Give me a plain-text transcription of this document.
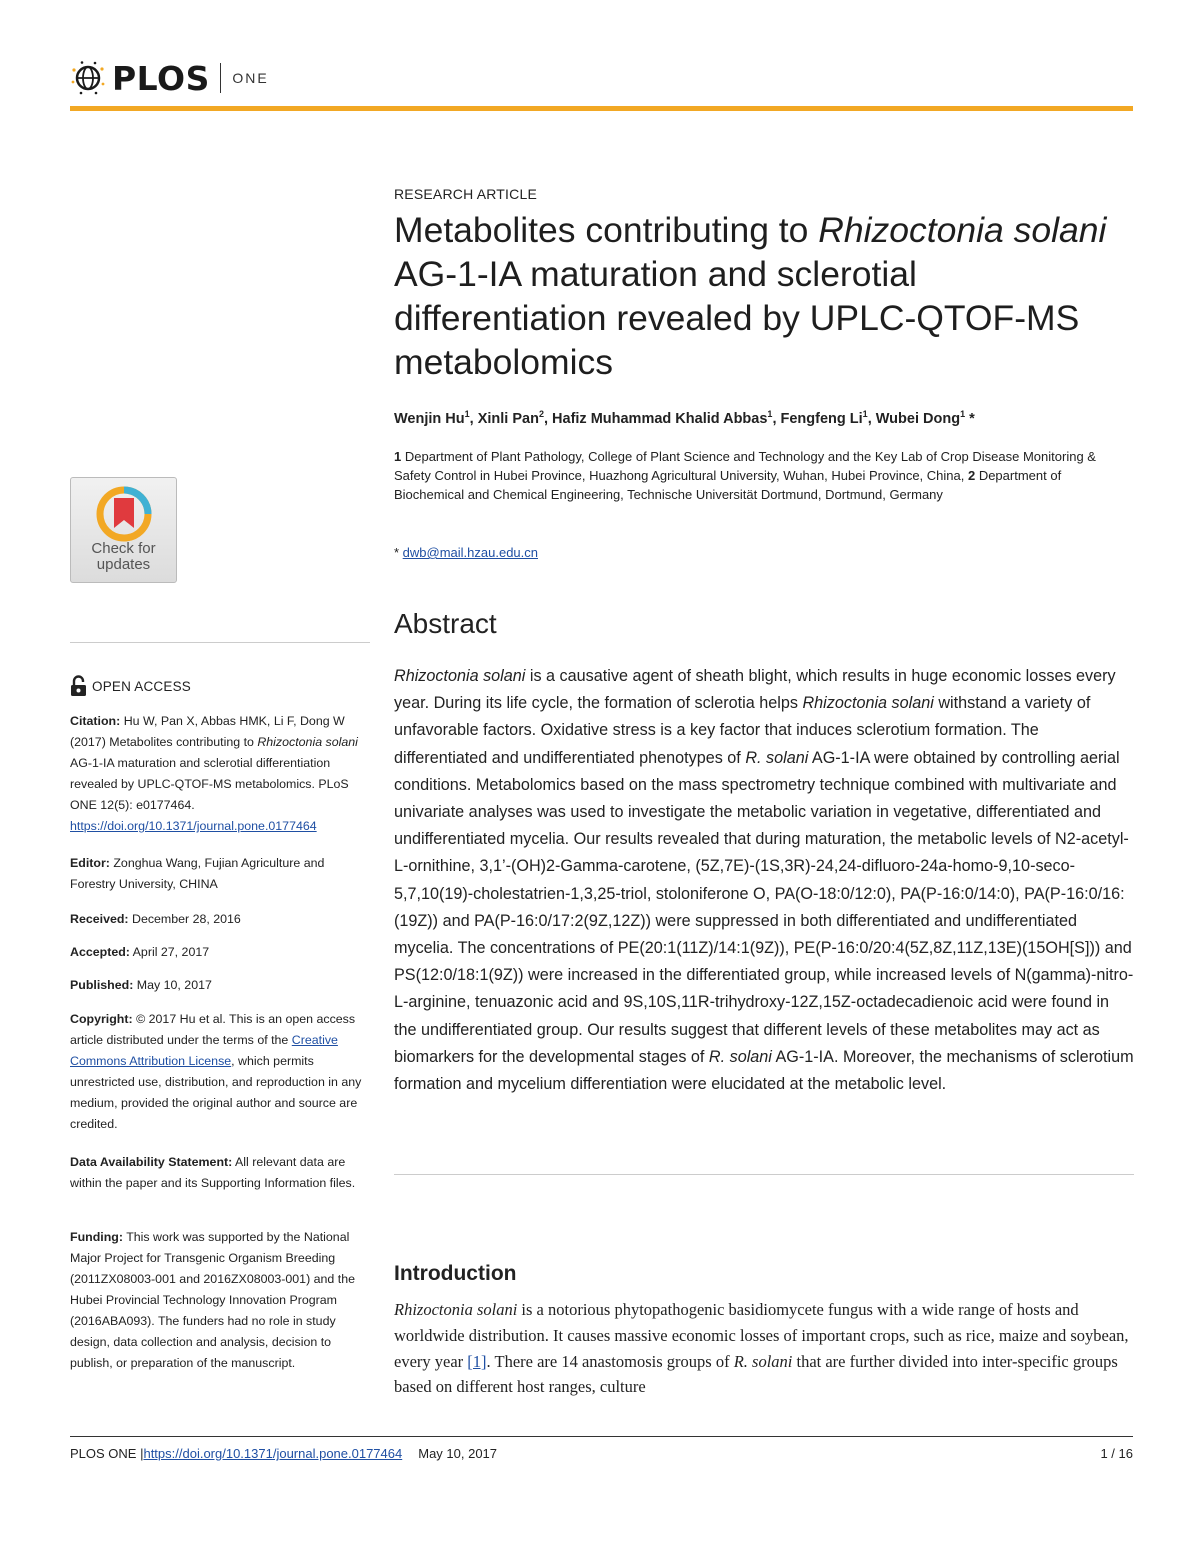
PLOS ONE
Check for updates
OPEN ACCESS

Citation: Hu W, Pan X, Abbas HMK, Li F, Dong W (2017) Metabolites contributing to Rhizoctonia solani AG-1-IA maturation and sclerotial differentiation revealed by UPLC-QTOF-MS metabolomics. PLoS ONE 12(5): e0177464. https://doi.org/10.1371/journal.pone.0177464

Editor: Zonghua Wang, Fujian Agriculture and Forestry University, CHINA

Received: December 28, 2016

Accepted: April 27, 2017

Published: May 10, 2017

Copyright: © 2017 Hu et al. This is an open access article distributed under the terms of the Creative Commons Attribution License, which permits unrestricted use, distribution, and reproduction in any medium, provided the original author and source are credited.

Data Availability Statement: All relevant data are within the paper and its Supporting Information files.

Funding: This work was supported by the National Major Project for Transgenic Organism Breeding (2011ZX08003-001 and 2016ZX08003-001) and the Hubei Provincial Technology Innovation Program (2016ABA093). The funders had no role in study design, data collection and analysis, decision to publish, or preparation of the manuscript.

RESEARCH ARTICLE
Metabolites contributing to Rhizoctonia solani AG-1-IA maturation and sclerotial differentiation revealed by UPLC-QTOF-MS metabolomics
Wenjin Hu$^1$, Xinli Pan$^2$, Hafiz Muhammad Khalid Abbas$^1$, Fengfeng Li$^1$, Wubei Dong$^1$ *
1 Department of Plant Pathology, College of Plant Science and Technology and the Key Lab of Crop Disease Monitoring & Safety Control in Hubei Province, Huazhong Agricultural University, Wuhan, Hubei Province, China, 2 Department of Biochemical and Chemical Engineering, Technische Universität Dortmund, Dortmund, Germany
* dwb@mail.hzau.edu.cn
Abstract

Rhizoctonia solani is a causative agent of sheath blight, which results in huge economic losses every year. During its life cycle, the formation of sclerotia helps Rhizoctonia solani withstand a variety of unfavorable factors. Oxidative stress is a key factor that induces sclerotium formation. The differentiated and undifferentiated phenotypes of R. solani AG-1-IA were obtained by controlling aerial conditions. Metabolomics based on the mass spectrometry technique combined with multivariate and univariate analyses was used to investigate the metabolic variation in vegetative, differentiated and undifferentiated mycelia. Our results revealed that during maturation, the metabolic levels of N2-acetyl-L-ornithine, 3,1’-(OH)2-Gamma-carotene, (5Z,7E)-(1S,3R)-24,24-difluoro-24a-homo-9,10-seco-5,7,10(19)-cholestatrien-1,3,25-triol, stoloniferone O, PA(O-18:0/12:0), PA(P-16:0/14:0), PA(P-16:0/16:(19Z)) and PA(P-16:0/17:2(9Z,12Z)) were suppressed in both differentiated and undifferentiated mycelia. The concentrations of PE(20:1(11Z)/14:1(9Z)), PE(P-16:0/20:4(5Z,8Z,11Z,13E)(15OH[S])) and PS(12:0/18:1(9Z)) were increased in the differentiated group, while increased levels of N(gamma)-nitro-L-arginine, tenuazonic acid and 9S,10S,11R-trihydroxy-12Z,15Z-octadecadienoic acid were found in the undifferentiated group. Our results suggest that different levels of these metabolites may act as biomarkers for the developmental stages of R. solani AG-1-IA. Moreover, the mechanisms of sclerotium formation and mycelium differentiation were elucidated at the metabolic level.

Introduction

Rhizoctonia solani is a notorious phytopathogenic basidiomycete fungus with a wide range of hosts and worldwide distribution. It causes massive economic losses of important crops, such as rice, maize and soybean, every year [1]. There are 14 anastomosis groups of R. solani that are further divided into inter-specific groups based on different host ranges, culture

PLOS ONE | https://doi.org/10.1371/journal.pone.0177464 May 10, 2017	1 / 16
